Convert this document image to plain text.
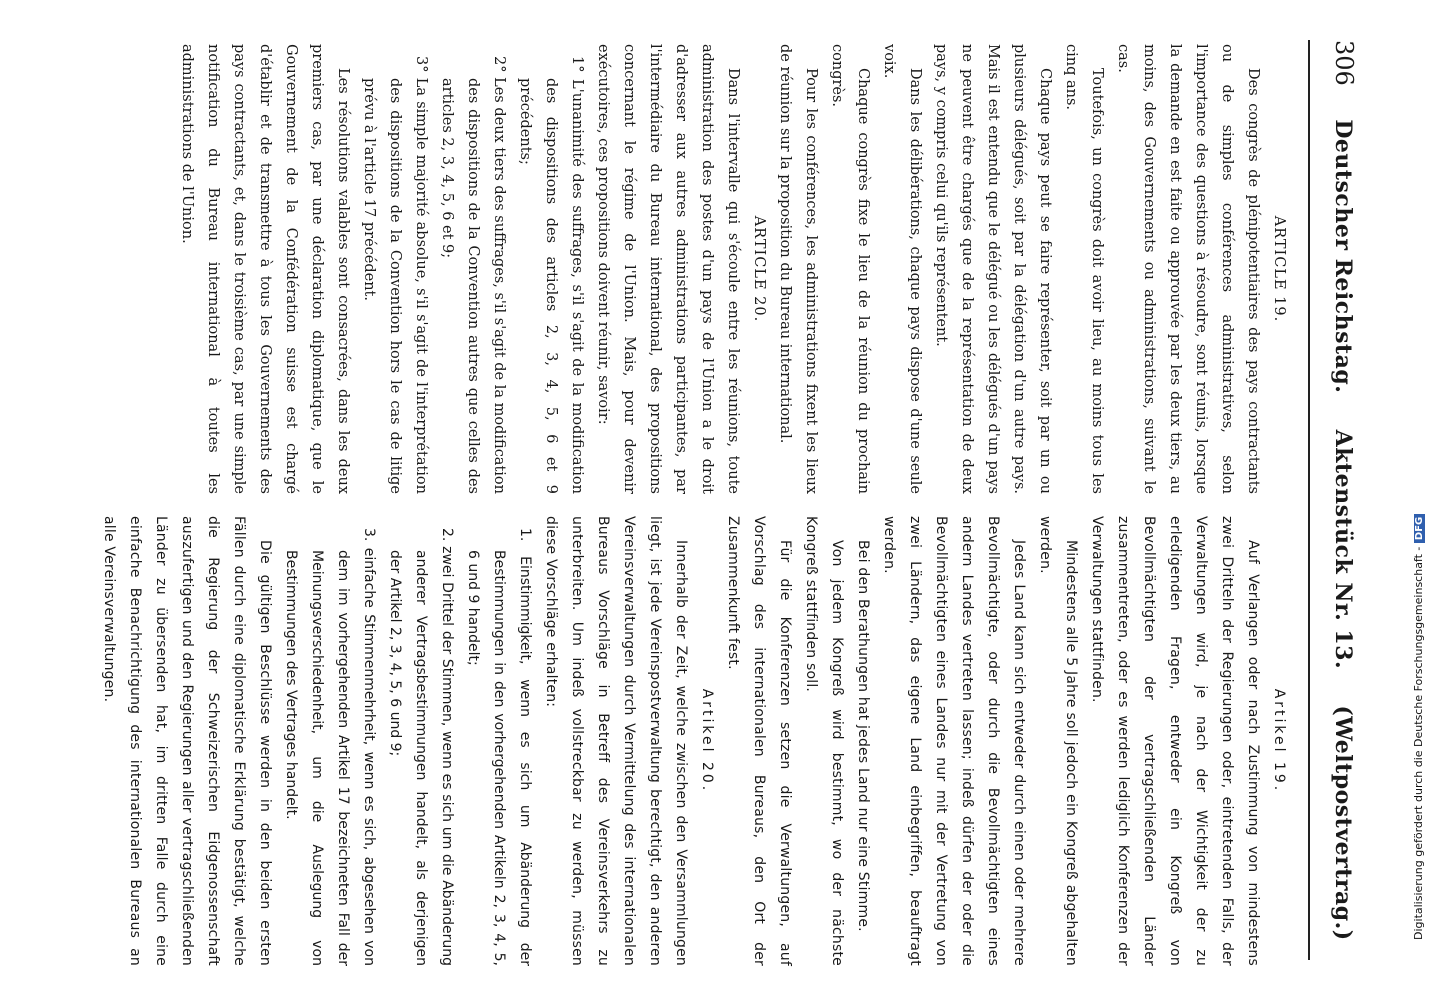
306
Deutscher Reichstag. Aktenstück Nr. 13. (Weltpostvertrag.)

ARTICLE 19.

Des congrès de plénipotentiaires des pays contractants ou de simples conférences administratives, selon l'importance des questions à résoudre, sont réunis, lorsque la demande en est faite ou approuvée par les deux tiers, au moins, des Gouvernements ou administrations, suivant le cas.

Toutefois, un congrès doit avoir lieu, au moins tous les cinq ans.

Chaque pays peut se faire représenter, soit par un ou plusieurs délégués, soit par la délégation d'un autre pays. Mais il est entendu que le délégué ou les délégués d'un pays ne peuvent être chargés que de la représentation de deux pays, y compris celui qu'ils représentent.

Dans les délibérations, chaque pays dispose d'une seule voix.

Chaque congrès fixe le lieu de la réunion du prochain congrès.

Pour les conférences, les administrations fixent les lieux de réunion sur la proposition du Bureau international.

ARTICLE 20.

Dans l'intervalle qui s'écoule entre les réunions, toute administration des postes d'un pays de l'Union a le droit d'adresser aux autres administrations participantes, par l'intermédiaire du Bureau international, des propositions concernant le régime de l'Union. Mais, pour devenir exécutoires, ces propositions doivent réunir, savoir:

1° L'unanimité des suffrages, s'il s'agit de la modification des dispositions des articles 2, 3, 4, 5, 6 et 9 précédents;

2° Les deux tiers des suffrages, s'il s'agit de la modification des dispositions de la Convention autres que celles des articles 2, 3, 4, 5, 6 et 9;

3° La simple majorité absolue, s'il s'agit de l'interprétation des dispositions de la Convention hors le cas de litige prévu à l'article 17 précédent.

Les résolutions valables sont consacrées, dans les deux premiers cas, par une déclaration diplomatique, que le Gouvernement de la Confédération suisse est chargé d'établir et de transmettre à tous les Gouvernements des pays contractants, et, dans le troisième cas, par une simple notification du Bureau international à toutes les administrations de l'Union.

Artikel 19.

Auf Verlangen oder nach Zustimmung von mindestens zwei Dritteln der Regierungen oder, eintretenden Falls, der Verwaltungen wird, je nach der Wichtigkeit der zu erledigenden Fragen, entweder ein Kongreß von Bevollmächtigten der vertragschließenden Länder zusammentreten, oder es werden lediglich Konferenzen der Verwaltungen stattfinden.

Mindestens alle 5 Jahre soll jedoch ein Kongreß abgehalten werden.

Jedes Land kann sich entweder durch einen oder mehrere Bevollmächtigte, oder durch die Bevollmächtigten eines andern Landes vertreten lassen; indeß dürfen der oder die Bevollmächtigten eines Landes nur mit der Vertretung von zwei Ländern, das eigene Land einbegriffen, beauftragt werden.

Bei den Berathungen hat jedes Land nur eine Stimme.

Von jedem Kongreß wird bestimmt, wo der nächste Kongreß stattfinden soll.

Für die Konferenzen setzen die Verwaltungen, auf Vorschlag des internationalen Bureaus, den Ort der Zusammenkunft fest.

Artikel 20.

Innerhalb der Zeit, welche zwischen den Versammlungen liegt, ist jede Vereinspostverwaltung berechtigt, den anderen Vereinsverwaltungen durch Vermittelung des internationalen Bureaus Vorschläge in Betreff des Vereinsverkehrs zu unterbreiten. Um indeß vollstreckbar zu werden, müssen diese Vorschläge erhalten:

1. Einstimmigkeit, wenn es sich um Abänderung der Bestimmungen in den vorhergehenden Artikeln 2, 3, 4, 5, 6 und 9 handelt;

2. zwei Drittel der Stimmen, wenn es sich um die Abänderung anderer Vertragsbestimmungen handelt, als derjenigen der Artikel 2, 3, 4, 5, 6 und 9;

3. einfache Stimmenmehrheit, wenn es sich, abgesehen von dem im vorhergehenden Artikel 17 bezeichneten Fall der Meinungsverschiedenheit, um die Auslegung von Bestimmungen des Vertrages handelt.

Die gültigen Beschlüsse werden in den beiden ersten Fällen durch eine diplomatische Erklärung bestätigt, welche die Regierung der Schweizerischen Eidgenossenschaft auszufertigen und den Regierungen aller vertragschließenden Länder zu übersenden hat, im dritten Falle durch eine einfache Benachrichtigung des internationalen Bureaus an alle Vereinsverwaltungen.	Digitalisierung gefördert durch die Deutsche Forschungsgemeinschaft - DFG
